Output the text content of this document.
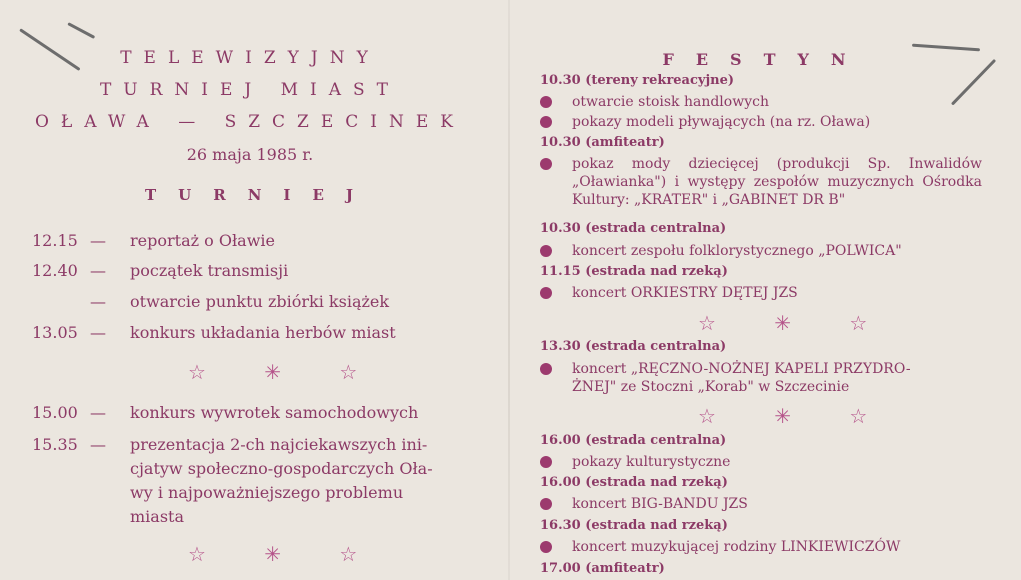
TELEWIZYJNY
TURNIEJ MIAST
OŁAWA — SZCZECINEK
26 maja 1985 r.
TURNIEJ
12.15 — reportaż o Oławie
12.40 — początek transmisji
— otwarcie punktu zbiórki książek
13.05 — konkurs układania herbów miast
☆ ✳ ☆
15.00 — konkurs wywrotek samochodowych
15.35 — prezentacja 2-ch najciekawszych ini-
cjatyw społeczno-gospodarczych Oła-
wy i najpoważniejszego problemu
miasta
☆ ✳ ☆
FESTYN
10.30 (tereny rekreacyjne)
otwarcie stoisk handlowych
pokazy modeli pływających (na rz. Oława)
10.30 (amfiteatr)
pokaz mody dziecięcej (produkcji Sp. Inwalidów „Oławianka") i występy zespołów muzycznych Ośrodka Kultury: „KRATER" i „GABINET DR B"
10.30 (estrada centralna)
koncert zespołu folklorystycznego „POLWICA"
11.15 (estrada nad rzeką)
koncert ORKIESTRY DĘTEJ JZS
☆ ✳ ☆
13.30 (estrada centralna)
koncert „RĘCZNO-NOŻNEJ KAPELI PRZYDRO-
ŻNEJ" ze Stoczni „Korab" w Szczecinie
☆ ✳ ☆
16.00 (estrada centralna)
pokazy kulturystyczne
16.00 (estrada nad rzeką)
koncert BIG-BANDU JZS
16.30 (estrada nad rzeką)
koncert muzykującej rodziny LINKIEWICZÓW
17.00 (amfiteatr)
